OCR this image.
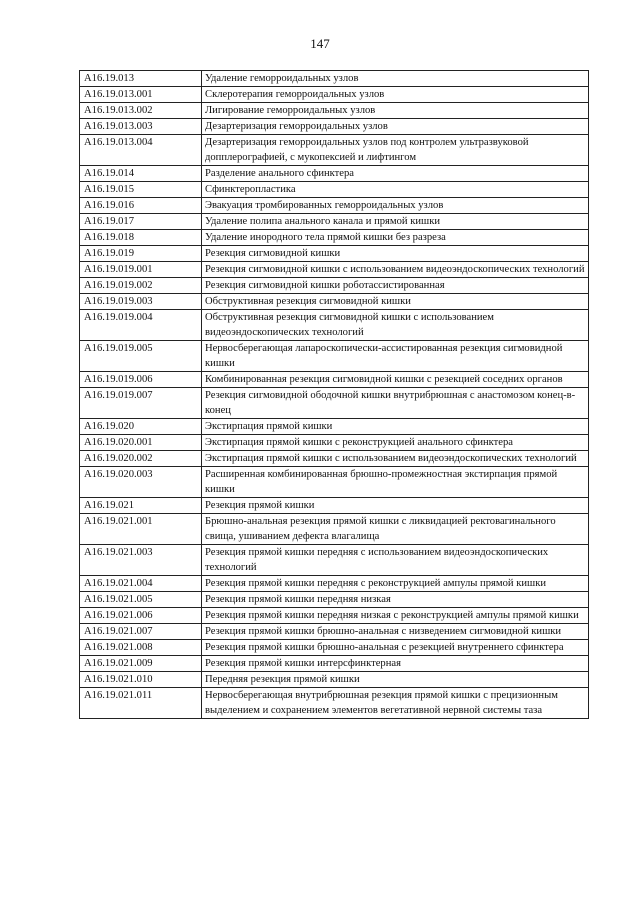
147
A16.19.013	Удаление геморроидальных узлов
A16.19.013.001	Склеротерапия геморроидальных узлов
A16.19.013.002	Лигирование геморроидальных узлов
A16.19.013.003	Дезартеризация геморроидальных узлов
A16.19.013.004	Дезартеризация геморроидальных узлов под контролем ультразвуковой допплерографией, с мукопексией и лифтингом
A16.19.014	Разделение анального сфинктера
A16.19.015	Сфинктеропластика
A16.19.016	Эвакуация тромбированных геморроидальных узлов
A16.19.017	Удаление полипа анального канала и прямой кишки
A16.19.018	Удаление инородного тела прямой кишки без разреза
A16.19.019	Резекция сигмовидной кишки
A16.19.019.001	Резекция сигмовидной кишки с использованием видеоэндоскопических технологий
A16.19.019.002	Резекция сигмовидной кишки роботассистированная
A16.19.019.003	Обструктивная резекция сигмовидной кишки
A16.19.019.004	Обструктивная резекция сигмовидной кишки с использованием видеоэндоскопических технологий
A16.19.019.005	Нервосберегающая лапароскопически-ассистированная резекция сигмовидной кишки
A16.19.019.006	Комбинированная резекция сигмовидной кишки с резекцией соседних органов
A16.19.019.007	Резекция сигмовидной ободочной кишки внутрибрюшная с анастомозом конец-в-конец
A16.19.020	Экстирпация прямой кишки
A16.19.020.001	Экстирпация прямой кишки с реконструкцией анального сфинктера
A16.19.020.002	Экстирпация прямой кишки с использованием видеоэндоскопических технологий
A16.19.020.003	Расширенная комбинированная брюшно-промежностная экстирпация прямой кишки
A16.19.021	Резекция прямой кишки
A16.19.021.001	Брюшно-анальная резекция прямой кишки с ликвидацией ректовагинального свища, ушиванием дефекта влагалища
A16.19.021.003	Резекция прямой кишки передняя с использованием видеоэндоскопических технологий
A16.19.021.004	Резекция прямой кишки передняя с реконструкцией ампулы прямой кишки
A16.19.021.005	Резекция прямой кишки передняя низкая
A16.19.021.006	Резекция прямой кишки передняя низкая с реконструкцией ампулы прямой кишки
A16.19.021.007	Резекция прямой кишки брюшно-анальная с низведением сигмовидной кишки
A16.19.021.008	Резекция прямой кишки брюшно-анальная с резекцией внутреннего сфинктера
A16.19.021.009	Резекция прямой кишки интерсфинктерная
A16.19.021.010	Передняя резекция прямой кишки
A16.19.021.011	Нервосберегающая внутрибрюшная резекция прямой кишки с прецизионным выделением и сохранением элементов вегетативной нервной системы таза
